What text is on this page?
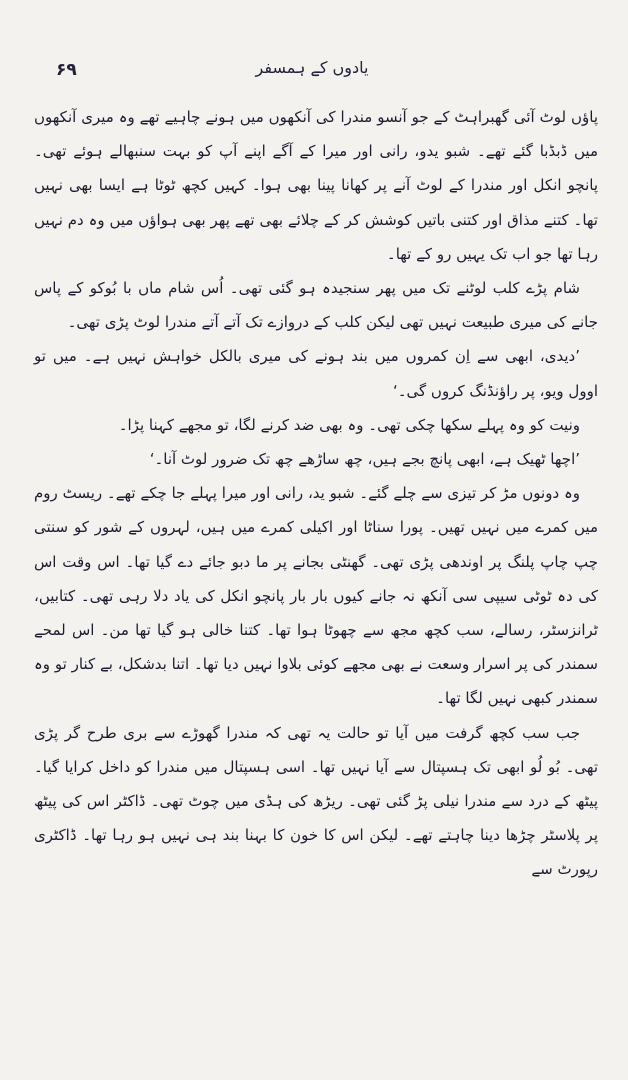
۶۹	یادوں کے ہمسفر

پاؤں لوٹ آئی گھبراہٹ کے جو آنسو مندرا کی آنکھوں میں ہونے چاہیے تھے وہ میری آنکھوں میں ڈبڈبا گئے تھے۔ شبو یدو، رانی اور میرا کے آگے اپنے آپ کو بہت سنبھالے ہوئے تھی۔ پانچو انکل اور مندرا کے لوٹ آنے پر کھانا پینا بھی ہوا۔ کہیں کچھ ٹوٹا ہے ایسا بھی نہیں تھا۔ کتنے مذاق اور کتنی باتیں کوشش کر کے چلائے بھی تھے پھر بھی ہواؤں میں وہ دم نہیں رہا تھا جو اب تک یہیں رو کے تھا۔

شام پڑے کلب لوٹنے تک میں پھر سنجیدہ ہو گئی تھی۔ اُس شام ماں با بُوکو کے پاس جانے کی میری طبیعت نہیں تھی لیکن کلب کے دروازے تک آتے آتے مندرا لوٹ پڑی تھی۔

’دیدی، ابھی سے اِن کمروں میں بند ہونے کی میری بالکل خواہش نہیں ہے۔ میں تو اوول ویو، پر راؤنڈنگ کروں گی۔‘

ونیت کو وہ پہلے سکھا چکی تھی۔ وہ بھی ضد کرنے لگا، تو مجھے کہنا پڑا۔

’اچھا ٹھیک ہے، ابھی پانچ بجے ہیں، چھ ساڑھے چھ تک ضرور لوٹ آنا۔‘

وہ دونوں مڑ کر تیزی سے چلے گئے۔ شبو ید، رانی اور میرا پہلے جا چکے تھے۔ ریسٹ روم میں کمرے میں نہیں تھیں۔ پورا سناٹا اور اکیلی کمرے میں ہیں، لہروں کے شور کو سنتی چپ چاپ پلنگ پر اوندھی پڑی تھی۔ گھنٹی بجانے پر ما دبو جائے دے گیا تھا۔ اس وقت اس کی دہ ٹوٹی سیپی سی آنکھ نہ جانے کیوں بار بار پانچو انکل کی یاد دلا رہی تھی۔ کتابیں، ٹرانزسٹر، رسالے، سب کچھ مجھ سے چھوٹا ہوا تھا۔ کتنا خالی ہو گیا تھا من۔ اس لمحے سمندر کی پر اسرار وسعت نے بھی مجھے کوئی بلاوا نہیں دیا تھا۔ اتنا بدشکل، بے کنار تو وہ سمندر کبھی نہیں لگا تھا۔

جب سب کچھ گرفت میں آیا تو حالت یہ تھی کہ مندرا گھوڑے سے بری طرح گر پڑی تھی۔ بُو لُو ابھی تک ہسپتال سے آیا نہیں تھا۔ اسی ہسپتال میں مندرا کو داخل کرایا گیا۔ پیٹھ کے درد سے مندرا نیلی پڑ گئی تھی۔ ریڑھ کی ہڈی میں چوٹ تھی۔ ڈاکٹر اس کی پیٹھ پر پلاسٹر چڑھا دینا چاہتے تھے۔ لیکن اس کا خون کا بہنا بند ہی نہیں ہو رہا تھا۔ ڈاکٹری رپورٹ سے
